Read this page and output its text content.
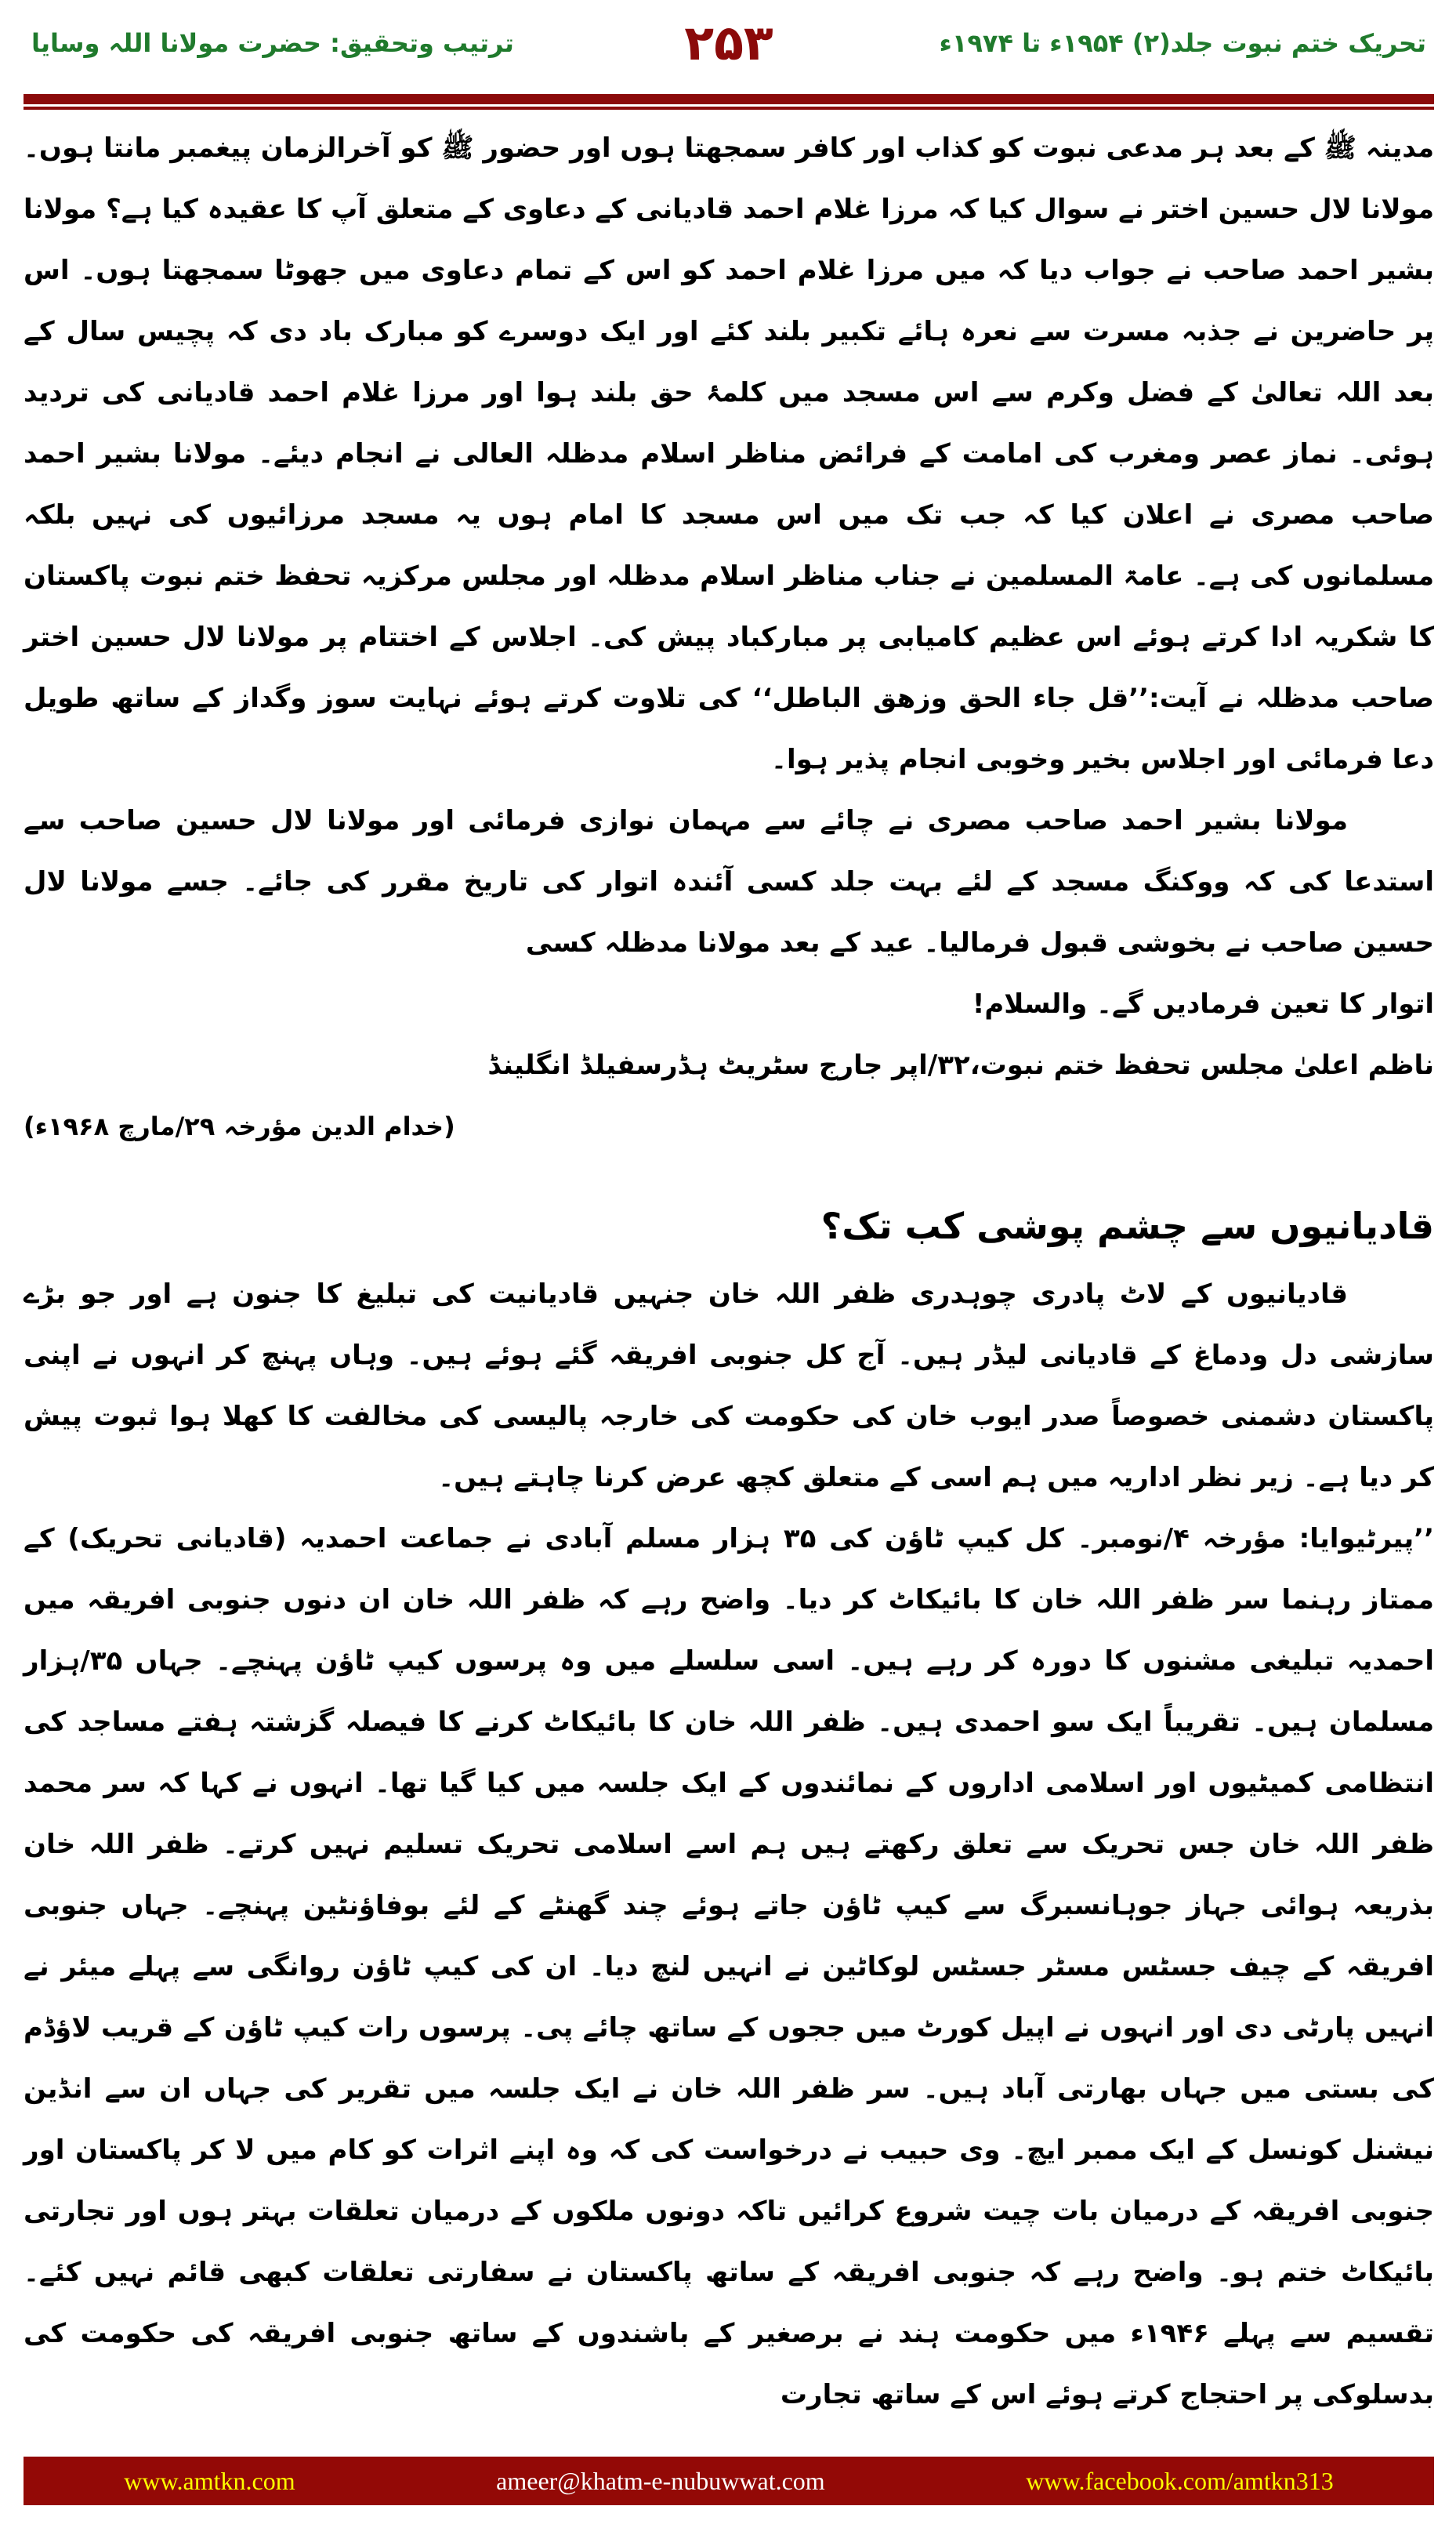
تحریک ختم نبوت جلد(۲) ۱۹۵۴ء تا ۱۹۷۴ء
۲۵۳
ترتیب وتحقیق: حضرت مولانا اللہ وسایا

مدینہ ﷺ کے بعد ہر مدعی نبوت کو کذاب اور کافر سمجھتا ہوں اور حضور ﷺ کو آخرالزمان پیغمبر مانتا ہوں۔ مولانا لال حسین اختر نے سوال کیا کہ مرزا غلام احمد قادیانی کے دعاوی کے متعلق آپ کا عقیدہ کیا ہے؟ مولانا بشیر احمد صاحب نے جواب دیا کہ میں مرزا غلام احمد کو اس کے تمام دعاوی میں جھوٹا سمجھتا ہوں۔ اس پر حاضرین نے جذبہ مسرت سے نعرہ ہائے تکبیر بلند کئے اور ایک دوسرے کو مبارک باد دی کہ پچیس سال کے بعد اللہ تعالیٰ کے فضل وکرم سے اس مسجد میں کلمۂ حق بلند ہوا اور مرزا غلام احمد قادیانی کی تردید ہوئی۔ نماز عصر ومغرب کی امامت کے فرائض مناظر اسلام مدظلہ العالی نے انجام دیئے۔ مولانا بشیر احمد صاحب مصری نے اعلان کیا کہ جب تک میں اس مسجد کا امام ہوں یہ مسجد مرزائیوں کی نہیں بلکہ مسلمانوں کی ہے۔ عامۃ المسلمین نے جناب مناظر اسلام مدظلہ اور مجلس مرکزیہ تحفظ ختم نبوت پاکستان کا شکریہ ادا کرتے ہوئے اس عظیم کامیابی پر مبارکباد پیش کی۔ اجلاس کے اختتام پر مولانا لال حسین اختر صاحب مدظلہ نے آیت:’’قل جاء الحق وزهق الباطل‘‘ کی تلاوت کرتے ہوئے نہایت سوز وگداز کے ساتھ طویل دعا فرمائی اور اجلاس بخیر وخوبی انجام پذیر ہوا۔

مولانا بشیر احمد صاحب مصری نے چائے سے مہمان نوازی فرمائی اور مولانا لال حسین صاحب سے استدعا کی کہ ووکنگ مسجد کے لئے بہت جلد کسی آئندہ اتوار کی تاریخ مقرر کی جائے۔ جسے مولانا لال حسین صاحب نے بخوشی قبول فرمالیا۔ عید کے بعد مولانا مدظلہ کسی

اتوار کا تعین فرمادیں گے۔ والسلام!
ناظم اعلیٰ مجلس تحفظ ختم نبوت،۳۲/اپر جارج سٹریٹ ہڈرسفیلڈ انگلینڈ

(خدام الدین مؤرخہ ۲۹/مارچ ۱۹۶۸ء)

قادیانیوں سے چشم پوشی کب تک؟

قادیانیوں کے لاٹ پادری چوہدری ظفر اللہ خان جنہیں قادیانیت کی تبلیغ کا جنون ہے اور جو بڑے سازشی دل ودماغ کے قادیانی لیڈر ہیں۔ آج کل جنوبی افریقہ گئے ہوئے ہیں۔ وہاں پہنچ کر انہوں نے اپنی پاکستان دشمنی خصوصاً صدر ایوب خان کی حکومت کی خارجہ پالیسی کی مخالفت کا کھلا ہوا ثبوت پیش کر دیا ہے۔ زیر نظر اداریہ میں ہم اسی کے متعلق کچھ عرض کرنا چاہتے ہیں۔

’’پیرٹیوایا: مؤرخہ ۴/نومبر۔ کل کیپ ٹاؤن کی ۳۵ ہزار مسلم آبادی نے جماعت احمدیہ (قادیانی تحریک) کے ممتاز رہنما سر ظفر اللہ خان کا بائیکاٹ کر دیا۔ واضح رہے کہ ظفر اللہ خان ان دنوں جنوبی افریقہ میں احمدیہ تبلیغی مشنوں کا دورہ کر رہے ہیں۔ اسی سلسلے میں وہ پرسوں کیپ ٹاؤن پہنچے۔ جہاں ۳۵/ہزار مسلمان ہیں۔ تقریباً ایک سو احمدی ہیں۔ ظفر اللہ خان کا بائیکاٹ کرنے کا فیصلہ گزشتہ ہفتے مساجد کی انتظامی کمیٹیوں اور اسلامی اداروں کے نمائندوں کے ایک جلسہ میں کیا گیا تھا۔ انہوں نے کہا کہ سر محمد ظفر اللہ خان جس تحریک سے تعلق رکھتے ہیں ہم اسے اسلامی تحریک تسلیم نہیں کرتے۔ ظفر اللہ خان بذریعہ ہوائی جہاز جوہانسبرگ سے کیپ ٹاؤن جاتے ہوئے چند گھنٹے کے لئے بوفاؤنٹین پہنچے۔ جہاں جنوبی افریقہ کے چیف جسٹس مسٹر جسٹس لوکاٹین نے انہیں لنچ دیا۔ ان کی کیپ ٹاؤن روانگی سے پہلے میئر نے انہیں پارٹی دی اور انہوں نے اپیل کورٹ میں ججوں کے ساتھ چائے پی۔ پرسوں رات کیپ ٹاؤن کے قریب لاؤڈم کی بستی میں جہاں بھارتی آباد ہیں۔ سر ظفر اللہ خان نے ایک جلسہ میں تقریر کی جہاں ان سے انڈین نیشنل کونسل کے ایک ممبر ایچ۔ وی حبیب نے درخواست کی کہ وہ اپنے اثرات کو کام میں لا کر پاکستان اور جنوبی افریقہ کے درمیان بات چیت شروع کرائیں تاکہ دونوں ملکوں کے درمیان تعلقات بہتر ہوں اور تجارتی بائیکاٹ ختم ہو۔ واضح رہے کہ جنوبی افریقہ کے ساتھ پاکستان نے سفارتی تعلقات کبھی قائم نہیں کئے۔ تقسیم سے پہلے ۱۹۴۶ء میں حکومت ہند نے برصغیر کے باشندوں کے ساتھ جنوبی افریقہ کی حکومت کی بدسلوکی پر احتجاج کرتے ہوئے اس کے ساتھ تجارت

www.amtkn.com	ameer@khatm-e-nubuwwat.com	www.facebook.com/amtkn313
